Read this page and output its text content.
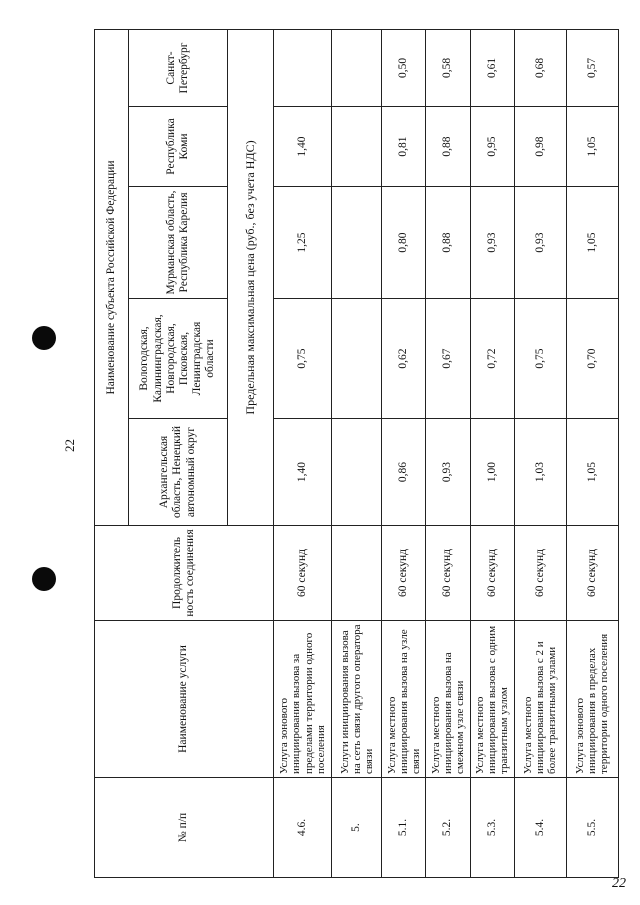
22
22
№ п/п	Наименование услуги	Продолжитель ность соединения	Наименование субъекта Российской Федерации				
			Архангельская область, Ненецкий автономный округ	Вологодская, Калининградская, Новгородская, Псковская, Ленинградская области	Мурманская область, Республика Карелия	Республика Коми	Санкт-Петербург
			Предельная максимальная цена (руб., без учета НДС)				
4.6.	Услуга зонового инициирования вызова за пределами территории одного поселения	60 секунд	1,40	0,75	1,25	1,40	
5.	Услуги инициирования вызова на сеть связи другого оператора связи						
5.1.	Услуга местного инициирования вызова на узле связи	60 секунд	0,86	0,62	0,80	0,81	0,50
5.2.	Услуга местного инициирования вызова на смежном узле связи	60 секунд	0,93	0,67	0,88	0,88	0,58
5.3.	Услуга местного инициирования вызова с одним транзитным узлом	60 секунд	1,00	0,72	0,93	0,95	0,61
5.4.	Услуга местного инициирования вызова с 2 и более транзитными узлами	60 секунд	1,03	0,75	0,93	0,98	0,68
5.5.	Услуга зонового инициирования в пределах территории одного поселения	60 секунд	1,05	0,70	1,05	1,05	0,57
